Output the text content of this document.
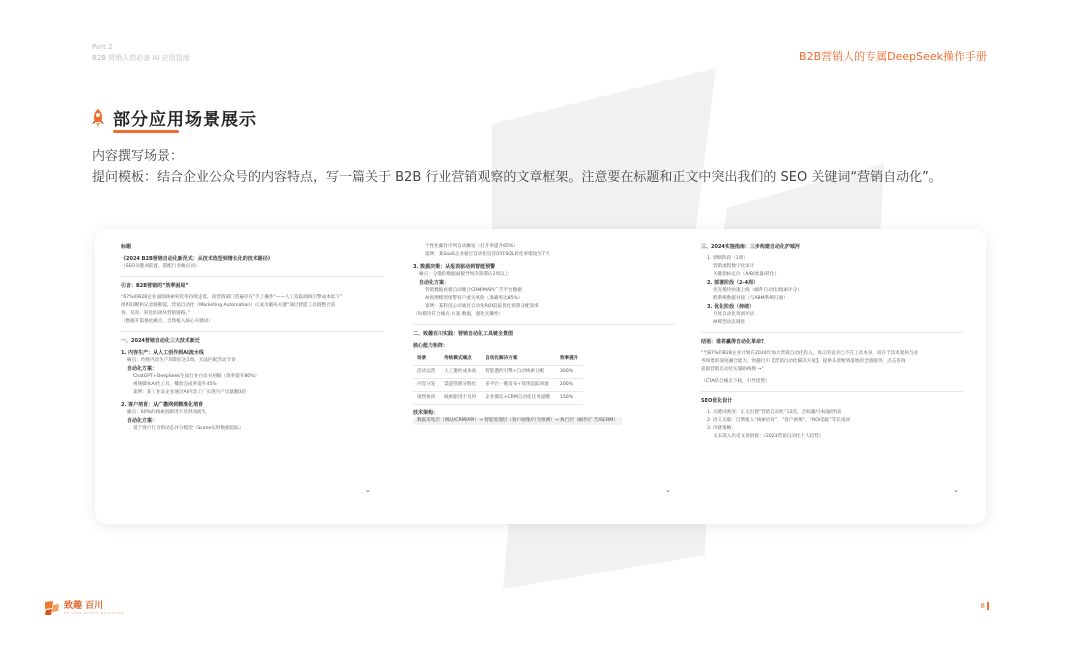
Part 2
B2B 营销人的必备 AI 应用指南	B2B营销人的专属DeepSeek操作手册
部分应用场景展示
内容撰写场景：
提问模板：结合企业公众号的内容特点，写一篇关于 B2B 行业营销观察的文章框架。注意要在标题和正文中突出我们的 SEO 关键词“营销自动化”。
标题
《2024 B2B营销自动化新范式：从技术选型到增长化的技术路径》
（SEO关键词前置，搭配行业痛点词）
引言：B2B营销的“效率困局”
“67%的B2B企业面临线索转化率持续走低，而营销部门普遍存在"手工操作"——人工追踪曲线引擎成本低下”
组织间断和记录链断裂，营销自动化（Marketing Automation）正成为破局关键”通过智能工具链整合获
客、培育、转化的闭环营销链路。”
（数据开篇强化痛点，自然植入核心关键词）
一、2024营销自动化三大技术新迁
1. 内容生产：从人工创作到AI流水线
痛点：传统内容生产周期长达1周，无法匹配活动节奏
自动化方案：
ChatGPT+DeepSeek生成行业白皮书初稿（效率提升80%）
视频脚本AI化工具，播放完成率提升45%
案例：某工业品企业通过AI内容工厂实现月产出量翻3倍
2. 客户培育：从广撒网到精准化培育
痛点：60%的线索因跟进不及时而流失
自动化方案：
基于客户行为的动态评分模型（Scene实时数据追踪）
个性化邮件序列自动触发（打开率提升65%）
案例：某SaaS企业通过自动化培育闭环SQL转化率缩短至7天
3. 数据决策：从报表驱动到智能预警
痛点：分散的数据面板导致决策滞后2周以上
自动化方案：
营销数据看板自动聚合CRM/MAP/广告平台数据
AI预测模型预警客户流失风险（准确率达85%）
案例：某科技公司通过自动化ROI追踪优化预算分配效率
（每模块符合痛点·方案·数据，强化实操性）
二、致趣百川实践：营销自动化工具链全景图
核心能力矩阵：
场景	传统模式痛点	自动化解决方案	效率提升
活动运营	人工邀约成本高	智能邀约引擎+自动线索分配	300%
内容分发	渠道管理分散化	多平台一键发布+效果追踪回流	200%
销售协同	线索跟进不及时	企业微信+CRM自动化任务提醒	150%
技术架构：
数据采集层（网站/CRM/API）→ 智能处理层（客户画像/行为预测）→ 执行层（邮件/广告/SCRM）
三、2024实施指南：三步构建自动化护城河
1. 诊断阶段（1周）
营销流程数字化审计
关键指标定位（A/B/流量/转化）
2. 部署阶段（2-4周）
优先模块快速上线（邮件自动化/线索评分）
跨系统数据对接（与ABM系统打通）
3. 优化阶段（持续）
月度自动化效果评估
AI模型动态调优
结语：谁将赢得自动化革命?
“当87%的B2B企业计划在2024年加大营销自动化投入，真正的竞争已不在工具本身，而在于技术架构与业
务场景的深度融合能力。致趣百川【营销自动化解决方案】，提供从诊断到落地的全链服务，点击咨询
获取营销自动化实施路线图 →”
（CTA结合痛点下载，引导留资）
SEO优化设计
1. 关键词密度：正文出现“营销自动化”12次，含标题/小标题/图表
2. 语义关联：自然植入“线索培育”、“客户画像”、“ROI追踪”等长尾词
3. 内链策略：
文末嵌入历史文章链接：《2023营销自动化十大趋势》
⌄	⌄	⌄
致趣 百川
BEIJING ZHIQU BAICHUAN
8
